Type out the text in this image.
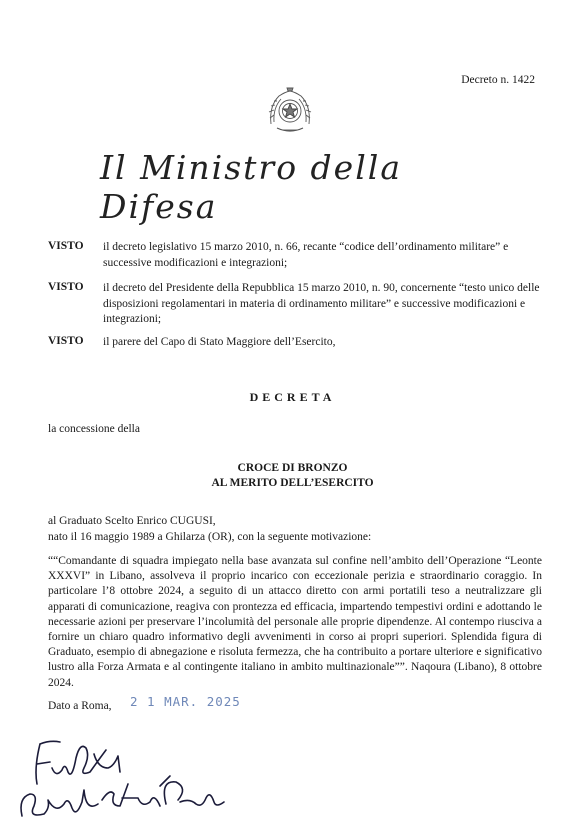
Decreto n. 1422
Il Ministro della Difesa
VISTO il decreto legislativo 15 marzo 2010, n. 66, recante “codice dell’ordinamento militare” e successive modificazioni e integrazioni;
VISTO il decreto del Presidente della Repubblica 15 marzo 2010, n. 90, concernente “testo unico delle disposizioni regolamentari in materia di ordinamento militare” e successive modificazioni e integrazioni;
VISTO il parere del Capo di Stato Maggiore dell’Esercito,
DECRETA
la concessione della
CROCE DI BRONZO
AL MERITO DELL’ESERCITO
al Graduato Scelto Enrico CUGUSI,
nato il 16 maggio 1989 a Ghilarza (OR), con la seguente motivazione:
““Comandante di squadra impiegato nella base avanzata sul confine nell’ambito dell’Operazione “Leonte XXXVI” in Libano, assolveva il proprio incarico con eccezionale perizia e straordinario coraggio. In particolare l’8 ottobre 2024, a seguito di un attacco diretto con armi portatili teso a neutralizzare gli apparati di comunicazione, reagiva con prontezza ed efficacia, impartendo tempestivi ordini e adottando le necessarie azioni per preservare l’incolumità del personale alle proprie dipendenze. Al contempo riusciva a fornire un chiaro quadro informativo degli avvenimenti in corso ai propri superiori. Splendida figura di Graduato, esempio di abnegazione e risoluta fermezza, che ha contribuito a portare ulteriore e significativo lustro alla Forza Armata e al contingente italiano in ambito multinazionale””. Naqoura (Libano), 8 ottobre 2024.
Dato a Roma, 2 1 MAR. 2025
